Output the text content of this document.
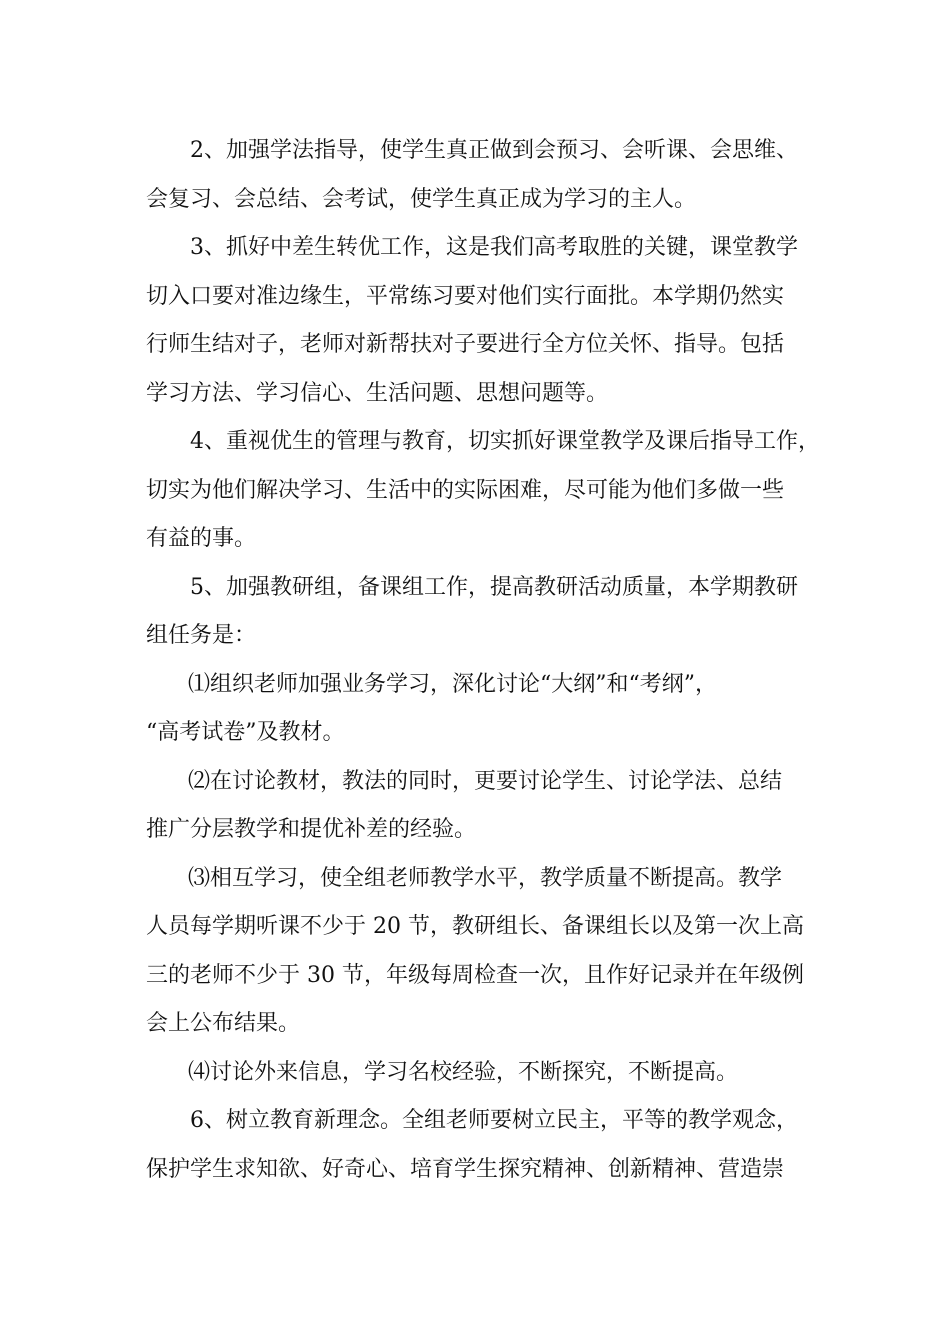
2、加强学法指导，使学生真正做到会预习、会听课、会思维、
会复习、会总结、会考试，使学生真正成为学习的主人。

3、抓好中差生转优工作，这是我们高考取胜的关键，课堂教学
切入口要对准边缘生，平常练习要对他们实行面批。本学期仍然实
行师生结对子，老师对新帮扶对子要进行全方位关怀、指导。包括
学习方法、学习信心、生活问题、思想问题等。

4、重视优生的管理与教育，切实抓好课堂教学及课后指导工作，
切实为他们解决学习、生活中的实际困难，尽可能为他们多做一些
有益的事。

5、加强教研组，备课组工作，提高教研活动质量，本学期教研
组任务是：

⑴组织老师加强业务学习，深化讨论“大纲”和“考纲”，
“高考试卷”及教材。

⑵在讨论教材，教法的同时，更要讨论学生、讨论学法、总结
推广分层教学和提优补差的经验。

⑶相互学习，使全组老师教学水平，教学质量不断提高。教学
人员每学期听课不少于 20 节，教研组长、备课组长以及第一次上高
三的老师不少于 30 节，年级每周检查一次，且作好记录并在年级例
会上公布结果。

⑷讨论外来信息，学习名校经验，不断探究，不断提高。

6、树立教育新理念。全组老师要树立民主，平等的教学观念，
保护学生求知欲、好奇心、培育学生探究精神、创新精神、营造崇
